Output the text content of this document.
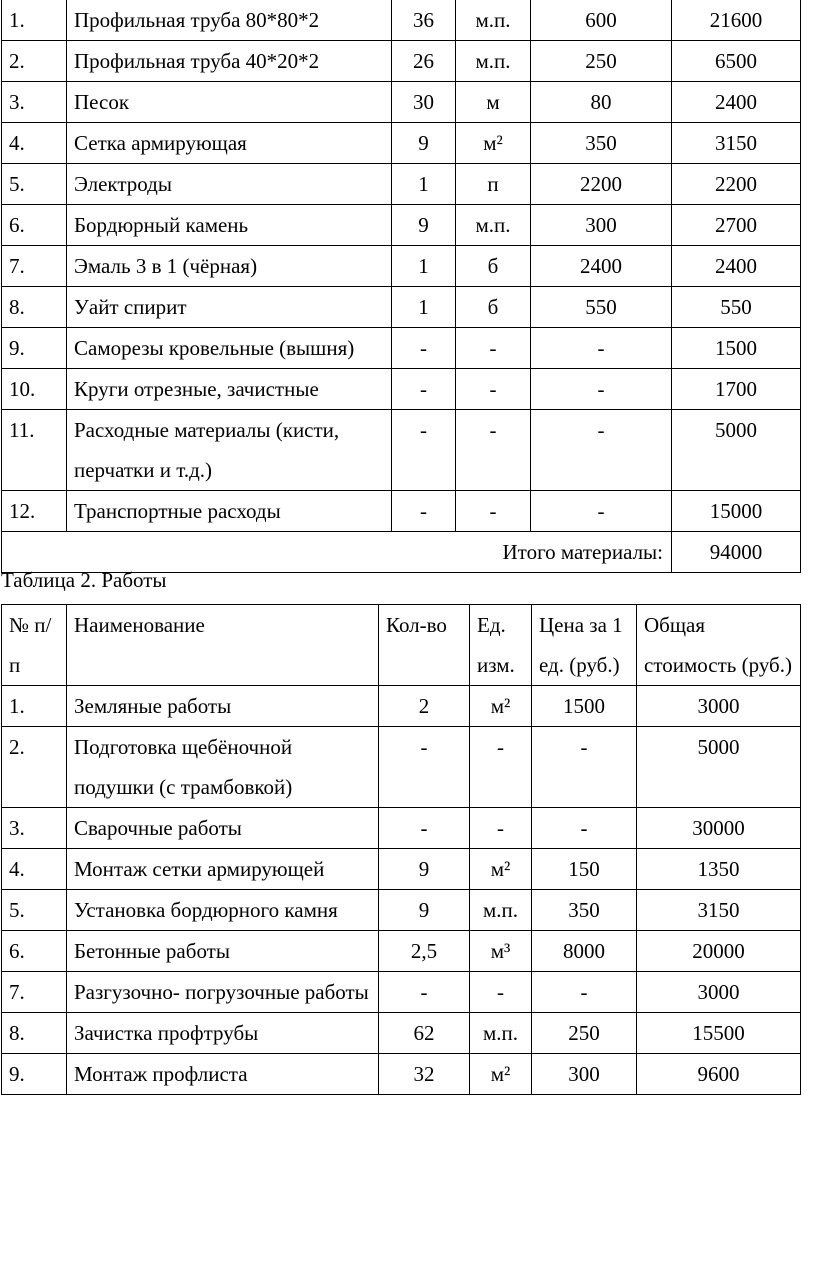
1.	Профильная труба 80*80*2	36	м.п.	600	21600
2.	Профильная труба 40*20*2	26	м.п.	250	6500
3.	Песок	30	м	80	2400
4.	Сетка армирующая	9	м²	350	3150
5.	Электроды	1	п	2200	2200
6.	Бордюрный камень	9	м.п.	300	2700
7.	Эмаль 3 в 1 (чёрная)	1	б	2400	2400
8.	Уайт спирит	1	б	550	550
9.	Саморезы кровельные (вышня)	-	-	-	1500
10.	Круги отрезные, зачистные	-	-	-	1700
11.	Расходные материалы (кисти, перчатки и т.д.)	-	-	-	5000
12.	Транспортные расходы	-	-	-	15000
Итого материалы:					94000
Таблица 2. Работы
№ п/п	Наименование	Кол-во	Ед. изм.	Цена за 1 ед. (руб.)	Общая стоимость (руб.)
1.	Земляные работы	2	м²	1500	3000
2.	Подготовка щебёночной подушки (с трамбовкой)	-	-	-	5000
3.	Сварочные работы	-	-	-	30000
4.	Монтаж сетки армирующей	9	м²	150	1350
5.	Установка бордюрного камня	9	м.п.	350	3150
6.	Бетонные работы	2,5	м³	8000	20000
7.	Разгузочно- погрузочные работы	-	-	-	3000
8.	Зачистка профтрубы	62	м.п.	250	15500
9.	Монтаж профлиста	32	м²	300	9600
